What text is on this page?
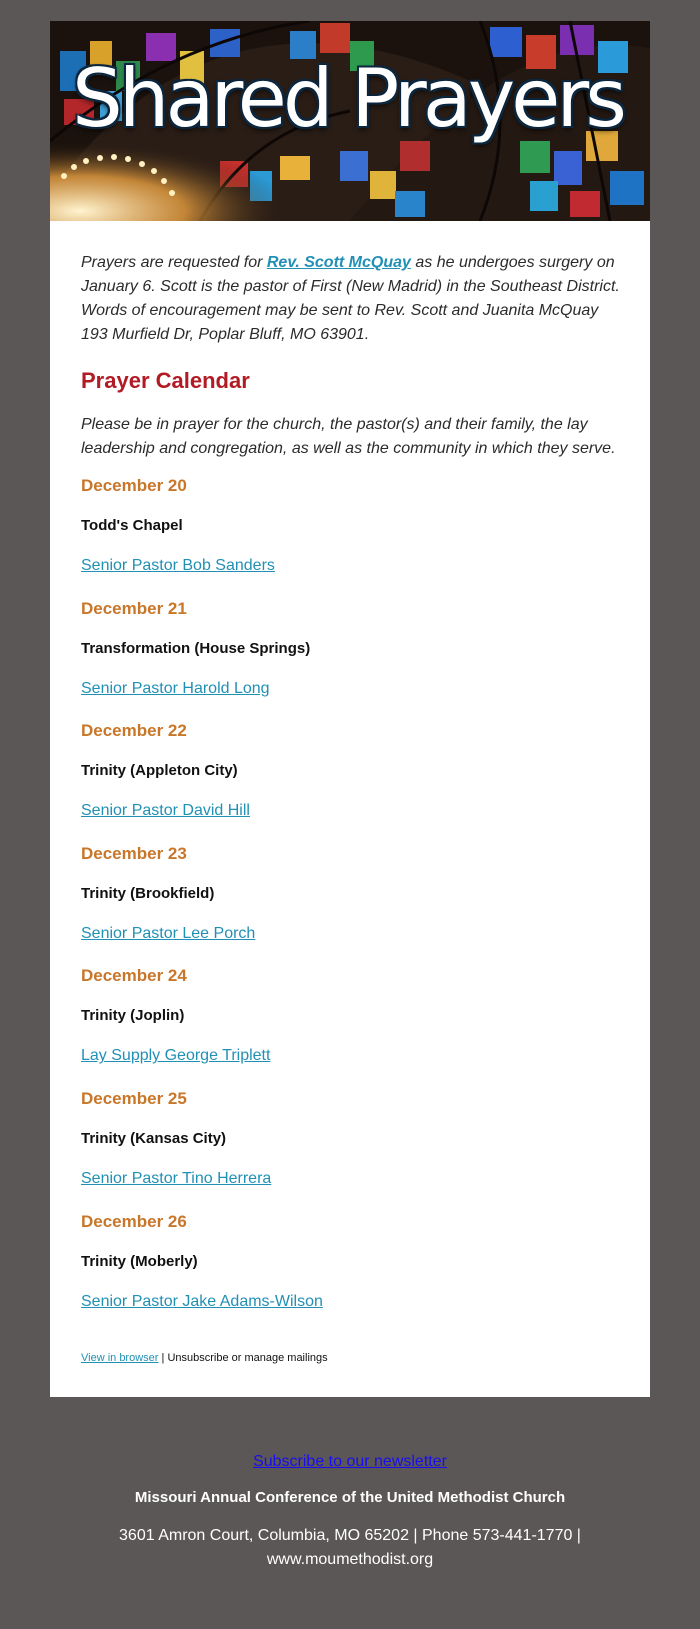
Shared Prayers

Prayers are requested for Rev. Scott McQuay as he undergoes surgery on January 6. Scott is the pastor of First (New Madrid) in the Southeast District. Words of encouragement may be sent to Rev. Scott and Juanita McQuay 193 Murfield Dr, Poplar Bluff, MO 63901.

Prayer Calendar

Please be in prayer for the church, the pastor(s) and their family, the lay leadership and congregation, as well as the community in which they serve.

December 20
Todd's Chapel
Senior Pastor Bob Sanders
December 21
Transformation (House Springs)
Senior Pastor Harold Long
December 22
Trinity (Appleton City)
Senior Pastor David Hill
December 23
Trinity (Brookfield)
Senior Pastor Lee Porch
December 24
Trinity (Joplin)
Lay Supply George Triplett
December 25
Trinity (Kansas City)
Senior Pastor Tino Herrera
December 26
Trinity (Moberly)
Senior Pastor Jake Adams-Wilson
View in browser | Unsubscribe or manage mailings
Subscribe to our newsletter
Missouri Annual Conference of the United Methodist Church
3601 Amron Court, Columbia, MO 65202 | Phone 573-441-1770 | www.moumethodist.org
